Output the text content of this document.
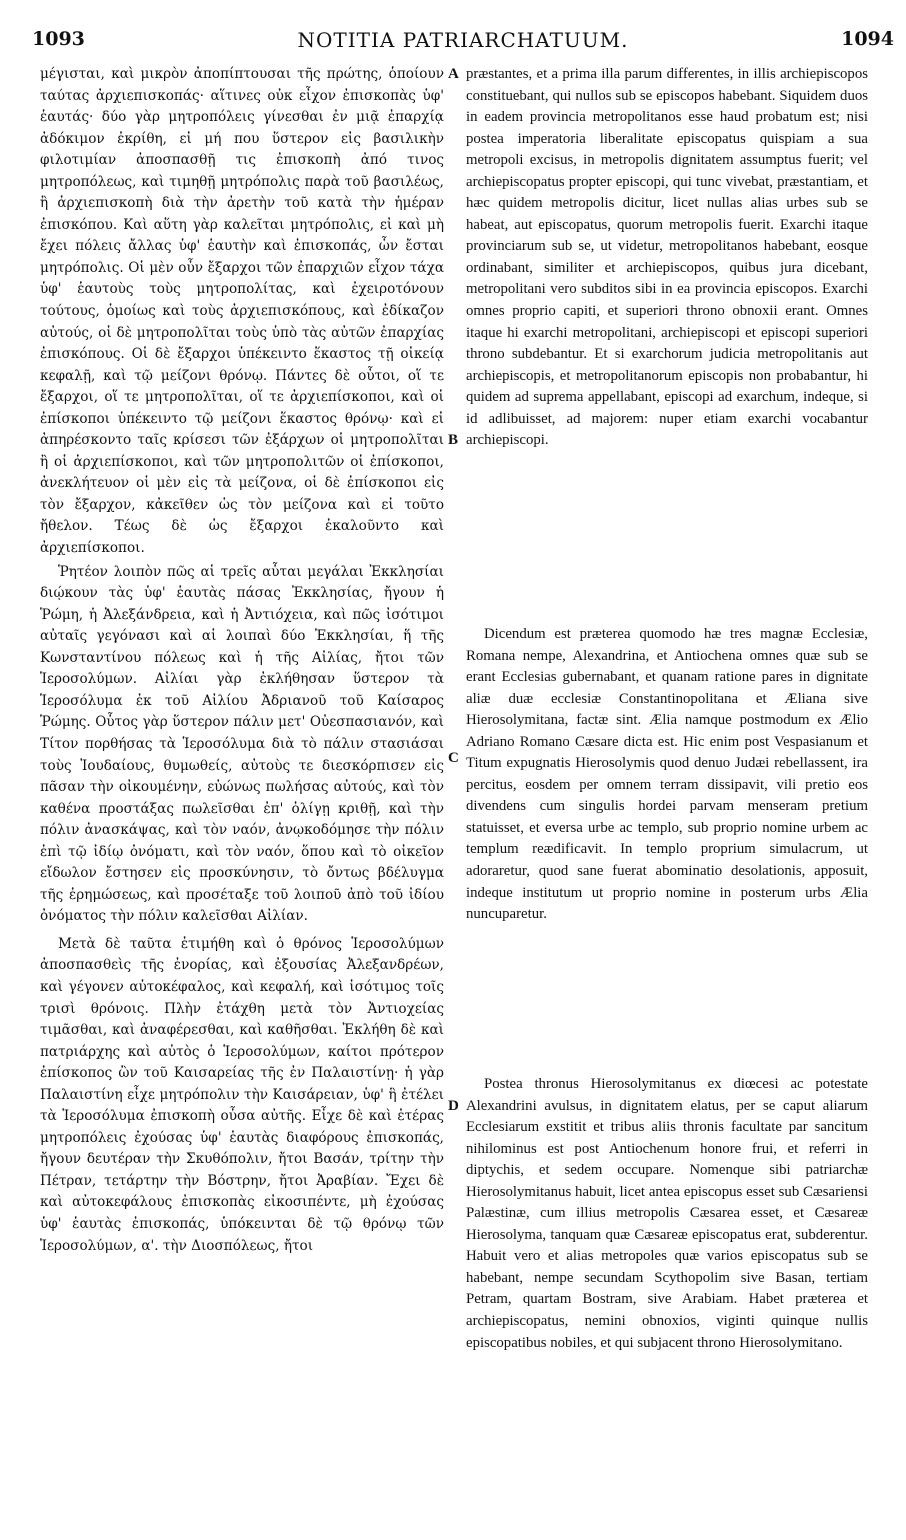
1093	NOTITIA PATRIARCHATUUM.	1094

μέγισται, καὶ μικρὸν ἀποπίπτουσαι τῆς πρώτης, ὁποίουν ταύτας ἀρχιεπισκοπάς· αἵτινες οὐκ εἶχον ἐπισκοπὰς ὑφ' ἑαυτάς· δύο γὰρ μητροπόλεις γίνεσθαι ἐν μιᾷ ἐπαρχίᾳ ἀδόκιμον ἐκρίθη, εἰ μή που ὕστερον εἰς βασιλικὴν φιλοτιμίαν ἀποσπασθῇ τις ἐπισκοπὴ ἀπό τινος μητροπόλεως, καὶ τιμηθῇ μητρόπολις παρὰ τοῦ βασιλέως, ἢ ἀρχιεπισκοπὴ διὰ τὴν ἀρετὴν τοῦ κατὰ τὴν ἡμέραν ἐπισκόπου. Καὶ αὕτη γὰρ καλεῖται μητρόπολις, εἰ καὶ μὴ ἔχει πόλεις ἄλλας ὑφ' ἑαυτὴν καὶ ἐπισκοπάς, ὧν ἔσται μητρόπολις. Οἱ μὲν οὖν ἔξαρχοι τῶν ἐπαρχιῶν εἶχον τάχα ὑφ' ἑαυτοὺς τοὺς μητροπολίτας, καὶ ἐχειροτόνουν τούτους, ὁμοίως καὶ τοὺς ἀρχιεπισκόπους, καὶ ἐδίκαζον αὐτούς, οἱ δὲ μητροπολῖται τοὺς ὑπὸ τὰς αὐτῶν ἐπαρχίας ἐπισκόπους. Οἱ δὲ ἔξαρχοι ὑπέκειντο ἕκαστος τῇ οἰκείᾳ κεφαλῇ, καὶ τῷ μείζονι θρόνῳ. Πάντες δὲ οὗτοι, οἵ τε ἔξαρχοι, οἵ τε μητροπολῖται, οἵ τε ἀρχιεπίσκοποι, καὶ οἱ ἐπίσκοποι ὑπέκειντο τῷ μείζονι ἕκαστος θρόνῳ· καὶ εἰ ἀπηρέσκοντο ταῖς κρίσεσι τῶν ἐξάρχων οἱ μητροπολῖται ἢ οἱ ἀρχιεπίσκοποι, καὶ τῶν μητροπολιτῶν οἱ ἐπίσκοποι, ἀνεκλήτευον οἱ μὲν εἰς τὰ μείζονα, οἱ δὲ ἐπίσκοποι εἰς τὸν ἔξαρχον, κἀκεῖθεν ὡς τὸν μείζονα καὶ εἰ τοῦτο ἤθελον. Τέως δὲ ὡς ἔξαρχοι ἐκαλοῦντο καὶ ἀρχιεπίσκοποι.

Ῥητέον λοιπὸν πῶς αἱ τρεῖς αὗται μεγάλαι Ἐκκλησίαι διῴκουν τὰς ὑφ' ἑαυτὰς πάσας Ἐκκλησίας, ἤγουν ἡ Ῥώμη, ἡ Ἀλεξάνδρεια, καὶ ἡ Ἀντιόχεια, καὶ πῶς ἰσότιμοι αὐταῖς γεγόνασι καὶ αἱ λοιπαὶ δύο Ἐκκλησίαι, ἥ τῆς Κωνσταντίνου πόλεως καὶ ἡ τῆς Αἰλίας, ἤτοι τῶν Ἱεροσολύμων. Αἰλίαι γὰρ ἐκλήθησαν ὕστερον τὰ Ἱεροσόλυμα ἐκ τοῦ Αἰλίου Ἀδριανοῦ τοῦ Καίσαρος Ῥώμης. Οὗτος γὰρ ὕστερον πάλιν μετ' Οὐεσπασιανόν, καὶ Τίτον πορθήσας τὰ Ἱεροσόλυμα διὰ τὸ πάλιν στασιάσαι τοὺς Ἰουδαίους, θυμωθείς, αὐτοὺς τε διεσκόρπισεν εἰς πᾶσαν τὴν οἰκουμένην, εὐώνως πωλήσας αὐτούς, καὶ τὸν καθένα προστάξας πωλεῖσθαι ἐπ' ὀλίγῃ κριθῇ, καὶ τὴν πόλιν ἀνασκάψας, καὶ τὸν ναόν, ἀνῳκοδόμησε τὴν πόλιν ἐπὶ τῷ ἰδίῳ ὀνόματι, καὶ τὸν ναόν, ὅπου καὶ τὸ οἰκεῖον εἴδωλον ἔστησεν εἰς προσκύνησιν, τὸ ὄντως βδέλυγμα τῆς ἐρημώσεως, καὶ προσέταξε τοῦ λοιποῦ ἀπὸ τοῦ ἰδίου ὀνόματος τὴν πόλιν καλεῖσθαι Αἰλίαν.

Μετὰ δὲ ταῦτα ἐτιμήθη καὶ ὁ θρόνος Ἱεροσολύμων ἀποσπασθεὶς τῆς ἐνορίας, καὶ ἐξουσίας Ἀλεξανδρέων, καὶ γέγονεν αὐτοκέφαλος, καὶ κεφαλή, καὶ ἰσότιμος τοῖς τρισὶ θρόνοις. Πλὴν ἐτάχθη μετὰ τὸν Ἀντιοχείας τιμᾶσθαι, καὶ ἀναφέρεσθαι, καὶ καθῆσθαι. Ἐκλήθη δὲ καὶ πατριάρχης καὶ αὐτὸς ὁ Ἱεροσολύμων, καίτοι πρότερον ἐπίσκοπος ὢν τοῦ Καισαρείας τῆς ἐν Παλαιστίνῃ· ἡ γὰρ Παλαιστίνη εἶχε μητρόπολιν τὴν Καισάρειαν, ὑφ' ἣ ἐτέλει τὰ Ἱεροσόλυμα ἐπισκοπὴ οὖσα αὐτῆς. Εἶχε δὲ καὶ ἑτέρας μητροπόλεις ἐχούσας ὑφ' ἑαυτὰς διαφόρους ἐπισκοπάς, ἤγουν δευτέραν τὴν Σκυθόπολιν, ἤτοι Βασάν, τρίτην τὴν Πέτραν, τετάρτην τὴν Βόστρην, ἤτοι Ἀραβίαν. Ἔχει δὲ καὶ αὐτοκεφάλους ἐπισκοπὰς εἰκοσιπέντε, μὴ ἐχούσας ὑφ' ἑαυτὰς ἐπισκοπάς, ὑπόκεινται δὲ τῷ θρόνῳ τῶν Ἱεροσολύμων, α'. τὴν Διοσπόλεως, ἤτοι

A
B
C
D

præstantes, et a prima illa parum differentes, in illis archiepiscopos constituebant, qui nullos sub se episcopos habebant. Siquidem duos in eadem provincia metropolitanos esse haud probatum est; nisi postea imperatoria liberalitate episcopatus quispiam a sua metropoli excisus, in metropolis dignitatem assumptus fuerit; vel archiepiscopatus propter episcopi, qui tunc vivebat, præstantiam, et hæc quidem metropolis dicitur, licet nullas alias urbes sub se habeat, aut episcopatus, quorum metropolis fuerit. Exarchi itaque provinciarum sub se, ut videtur, metropolitanos habebant, eosque ordinabant, similiter et archiepiscopos, quibus jura dicebant, metropolitani vero subditos sibi in ea provincia episcopos. Exarchi omnes proprio capiti, et superiori throno obnoxii erant. Omnes itaque hi exarchi metropolitani, archiepiscopi et episcopi superiori throno subdebantur. Et si exarchorum judicia metropolitanis aut archiepiscopis, et metropolitanorum episcopis non probabantur, hi quidem ad suprema appellabant, episcopi ad exarchum, indeque, si id adlibuisset, ad majorem: nuper etiam exarchi vocabantur archiepiscopi.

Dicendum est præterea quomodo hæ tres magnæ Ecclesiæ, Romana nempe, Alexandrina, et Antiochena omnes quæ sub se erant Ecclesias gubernabant, et quanam ratione pares in dignitate aliæ duæ ecclesiæ Constantinopolitana et Æliana sive Hierosolymitana, factæ sint. Ælia namque postmodum ex Ælio Adriano Romano Cæsare dicta est. Hic enim post Vespasianum et Titum expugnatis Hierosolymis quod denuo Judæi rebellassent, ira percitus, eosdem per omnem terram dissipavit, vili pretio eos divendens cum singulis hordei parvam menseram pretium statuisset, et eversa urbe ac templo, sub proprio nomine urbem ac templum reædificavit. In templo proprium simulacrum, ut adoraretur, quod sane fuerat abominatio desolationis, apposuit, indeque institutum ut proprio nomine in posterum urbs Ælia nuncuparetur.

Postea thronus Hierosolymitanus ex diœcesi ac potestate Alexandrini avulsus, in dignitatem elatus, per se caput aliarum Ecclesiarum exstitit et tribus aliis thronis facultate par sancitum nihilominus est post Antiochenum honore frui, et referri in diptychis, et sedem occupare. Nomenque sibi patriarchæ Hierosolymitanus habuit, licet antea episcopus esset sub Cæsariensi Palæstinæ, cum illius metropolis Cæsarea esset, et Cæsareæ Hierosolyma, tanquam quæ Cæsareæ episcopatus erat, subderentur. Habuit vero et alias metropoles quæ varios episcopatus sub se habebant, nempe secundam Scythopolim sive Basan, tertiam Petram, quartam Bostram, sive Arabiam. Habet præterea et archiepiscopatus, nemini obnoxios, viginti quinque nullis episcopatibus nobiles, et qui subjacent throno Hierosolymitano.
